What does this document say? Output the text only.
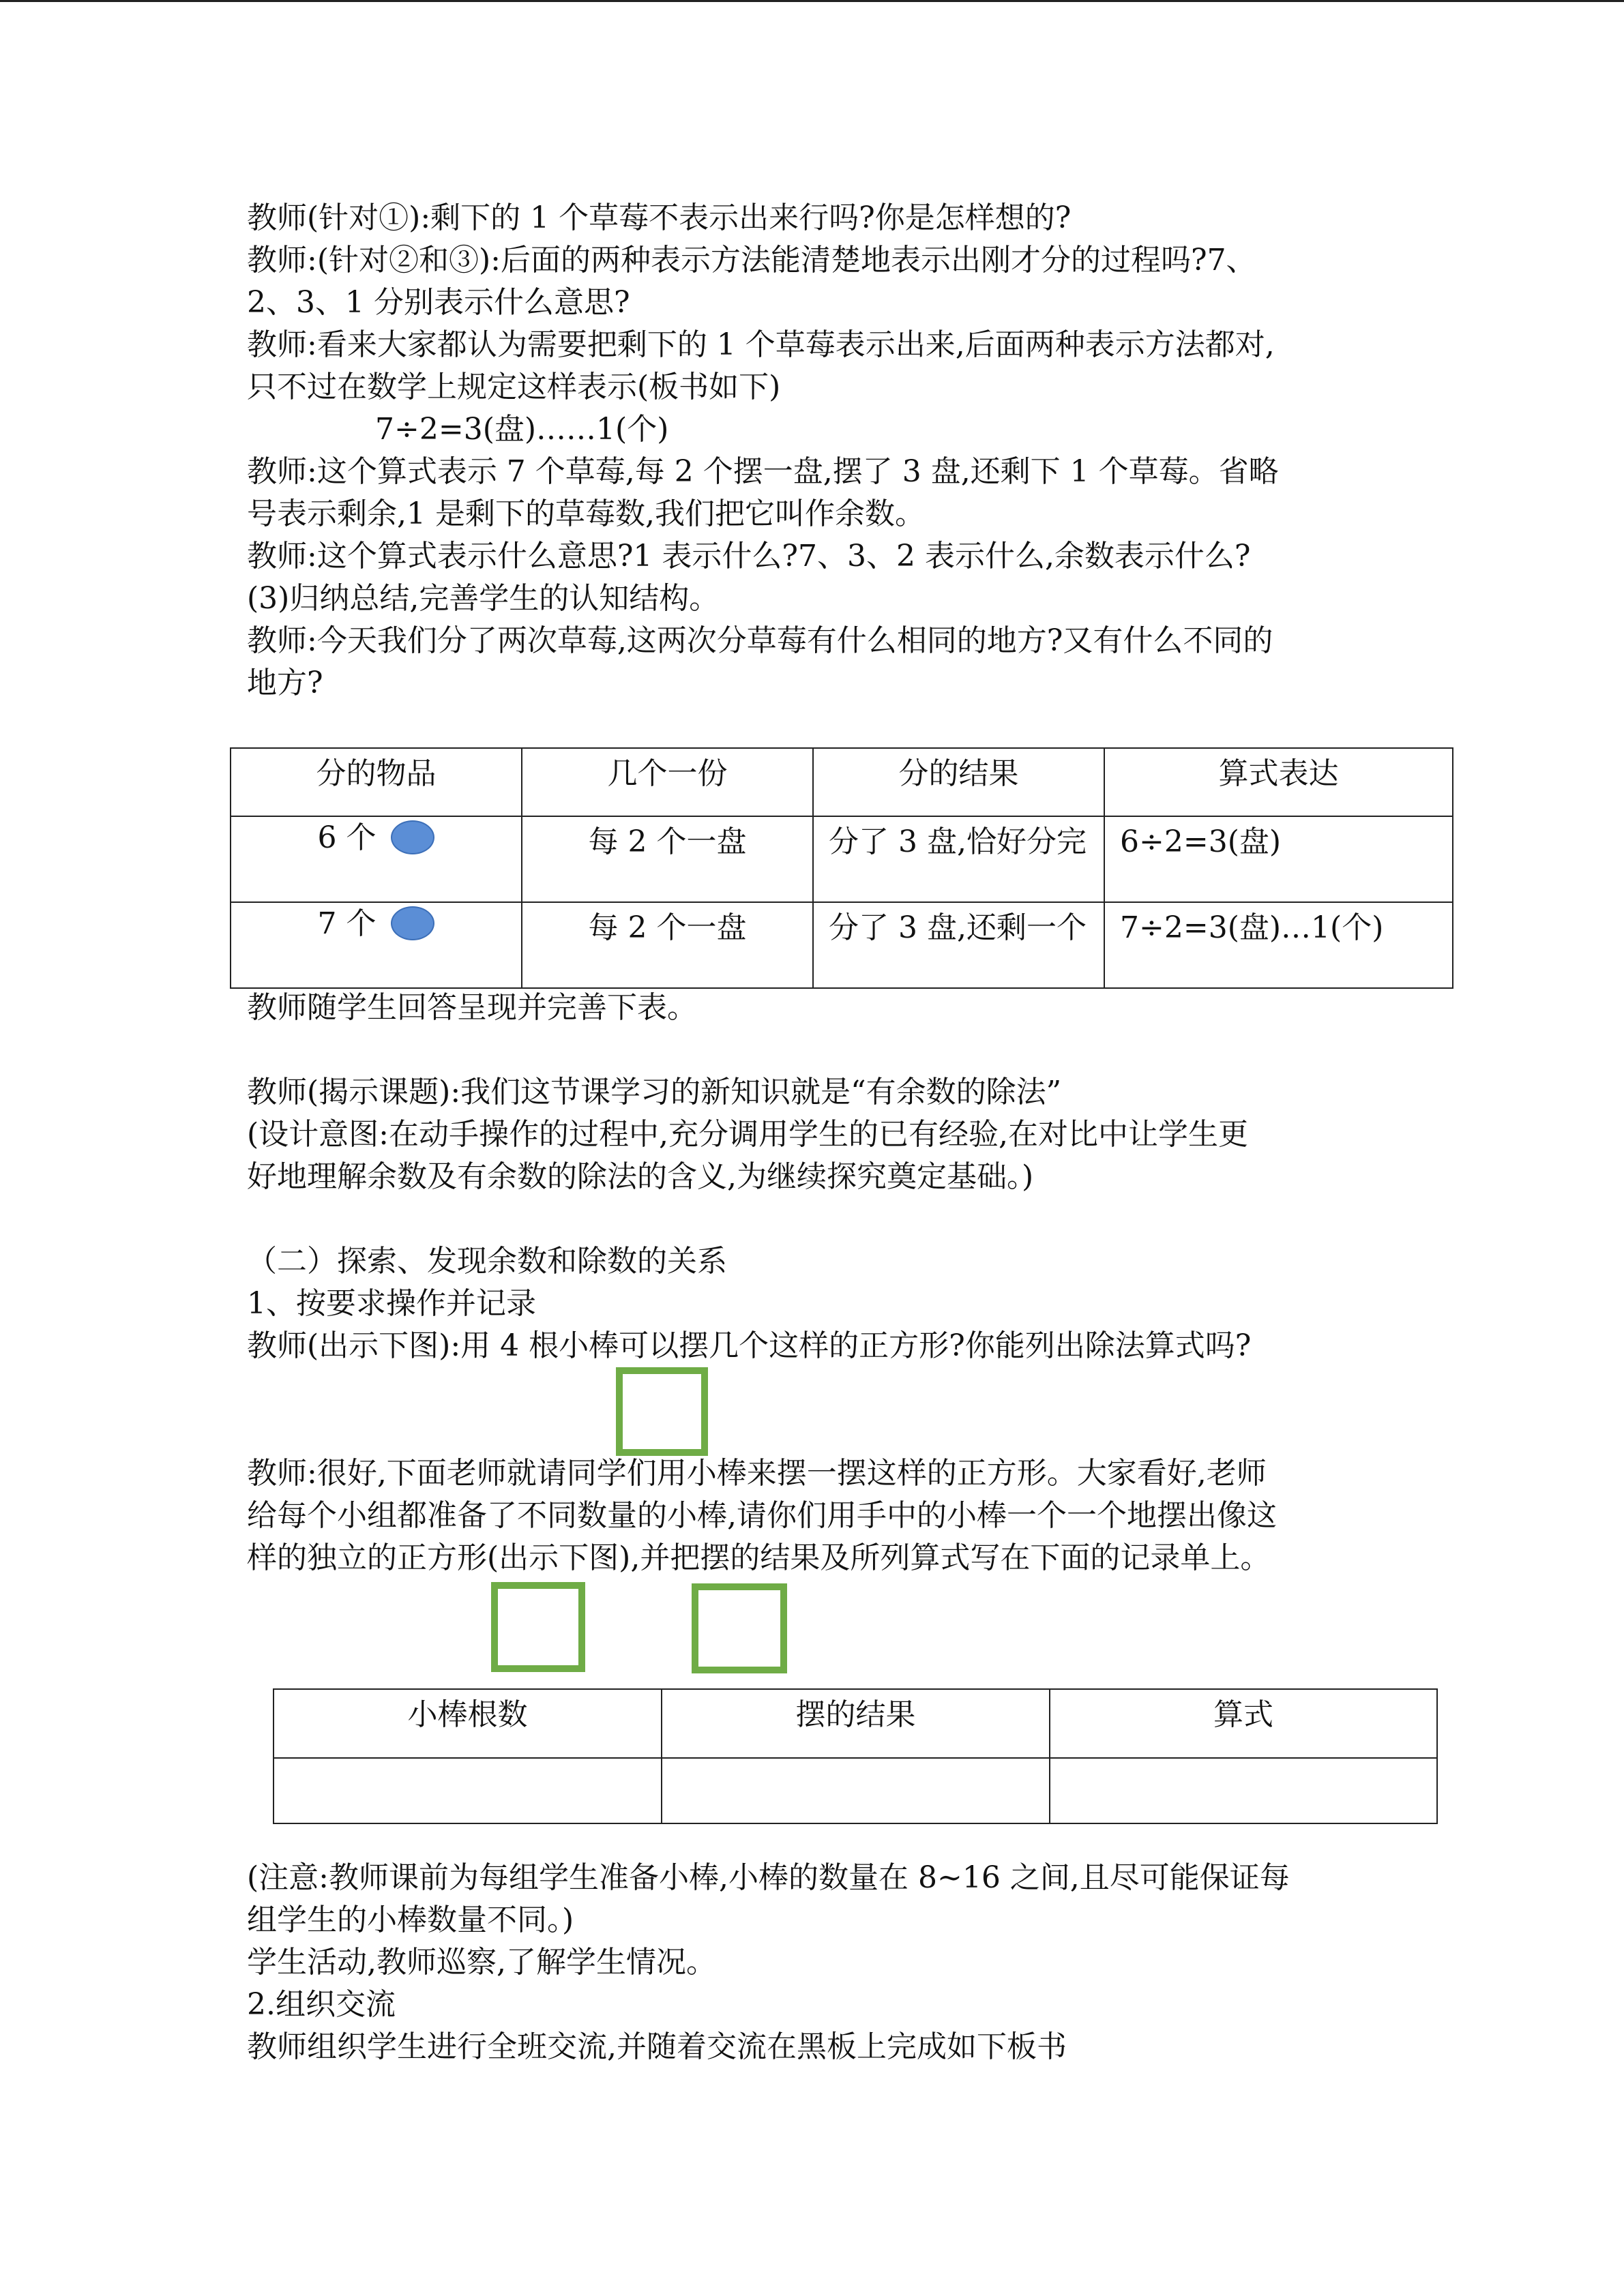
教师(针对①):剩下的 1 个草莓不表示出来行吗?你是怎样想的?
教师:(针对②和③):后面的两种表示方法能清楚地表示出刚才分的过程吗?7、
2、3、1 分别表示什么意思?
教师:看来大家都认为需要把剩下的 1 个草莓表示出来,后面两种表示方法都对,
只不过在数学上规定这样表示(板书如下)
7÷2=3(盘)……1(个)
教师:这个算式表示 7 个草莓,每 2 个摆一盘,摆了 3 盘,还剩下 1 个草莓。省略
号表示剩余,1 是剩下的草莓数,我们把它叫作余数。
教师:这个算式表示什么意思?1 表示什么?7、3、2 表示什么,余数表示什么?
(3)归纳总结,完善学生的认知结构。
教师:今天我们分了两次草莓,这两次分草莓有什么相同的地方?又有什么不同的
地方?
分的物品	几个一份	分的结果	算式表达
6 个	每 2 个一盘	分了 3 盘,恰好分完	6÷2=3(盘)
7 个	每 2 个一盘	分了 3 盘,还剩一个	7÷2=3(盘)…1(个)
教师随学生回答呈现并完善下表。
教师(揭示课题):我们这节课学习的新知识就是“有余数的除法”
(设计意图:在动手操作的过程中,充分调用学生的已有经验,在对比中让学生更
好地理解余数及有余数的除法的含义,为继续探究奠定基础。)
（二）探索、发现余数和除数的关系
1、按要求操作并记录
教师(出示下图):用 4 根小棒可以摆几个这样的正方形?你能列出除法算式吗?
教师:很好,下面老师就请同学们用小棒来摆一摆这样的正方形。大家看好,老师
给每个小组都准备了不同数量的小棒,请你们用手中的小棒一个一个地摆出像这
样的独立的正方形(出示下图),并把摆的结果及所列算式写在下面的记录单上。
小棒根数	摆的结果	算式

(注意:教师课前为每组学生准备小棒,小棒的数量在 8~16 之间,且尽可能保证每
组学生的小棒数量不同。)
学生活动,教师巡察,了解学生情况。
2.组织交流
教师组织学生进行全班交流,并随着交流在黑板上完成如下板书
